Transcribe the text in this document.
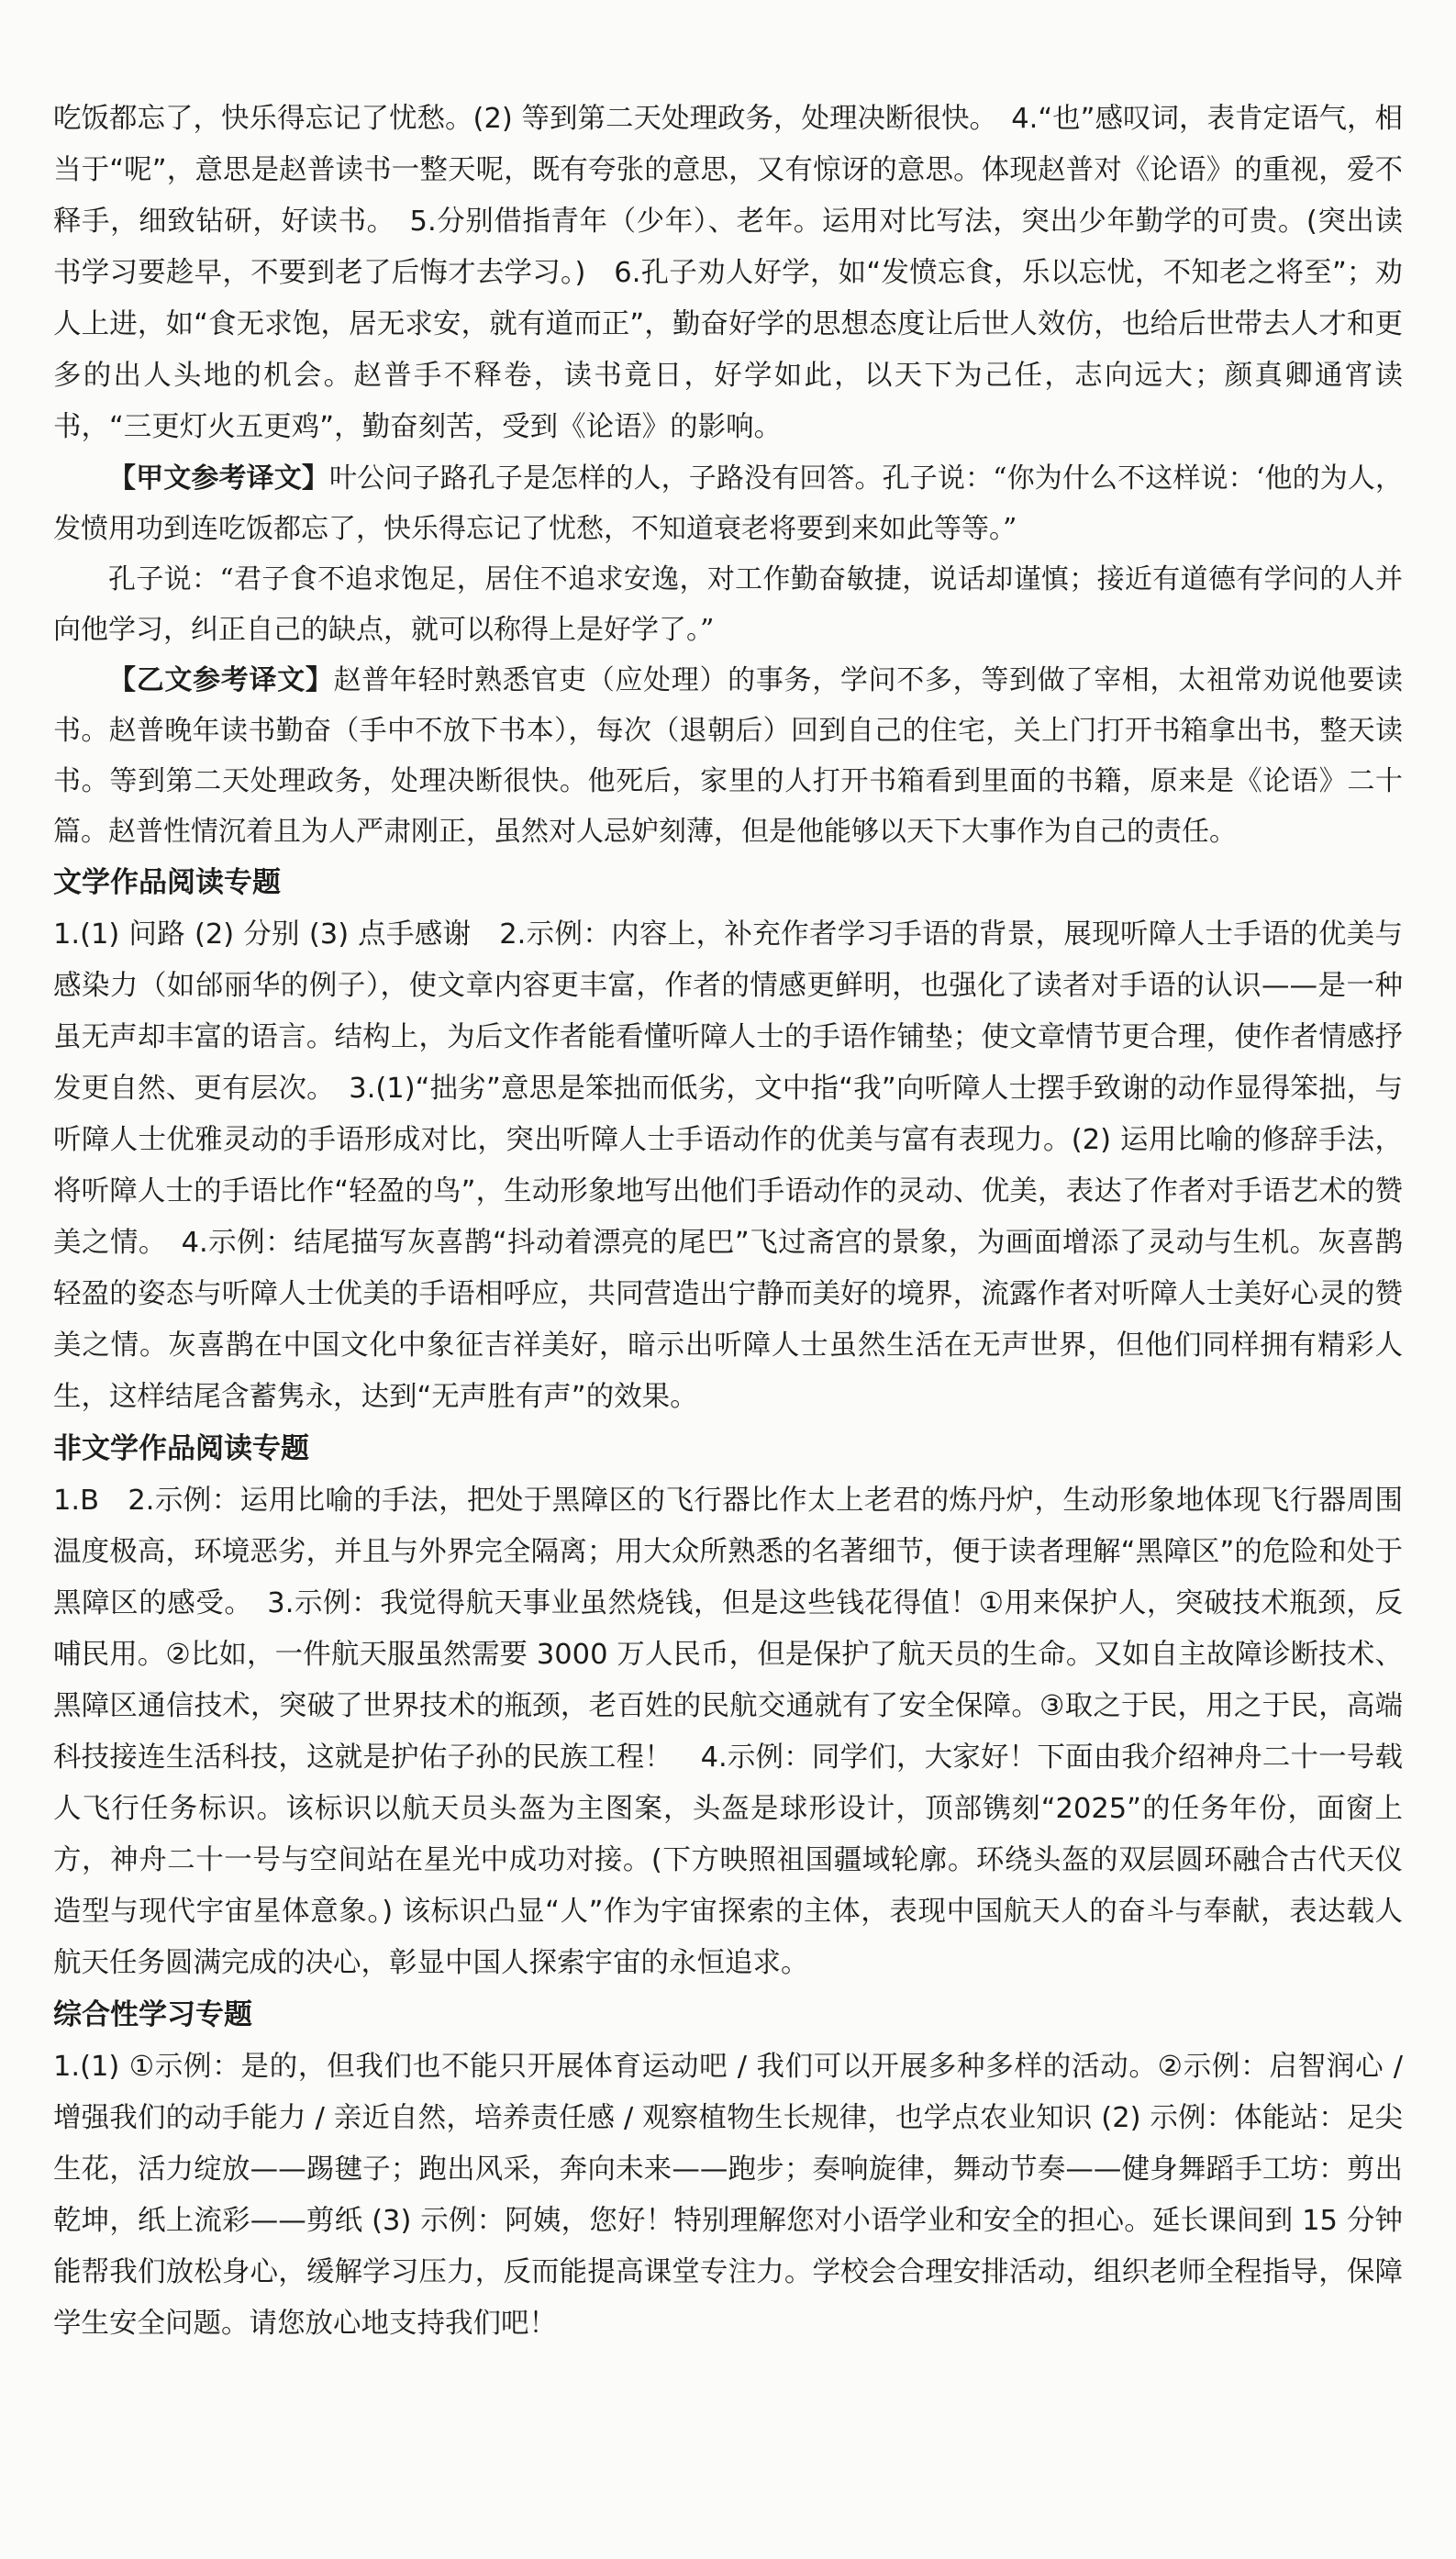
吃饭都忘了，快乐得忘记了忧愁。(2) 等到第二天处理政务，处理决断很快。　4.“也”感叹词，表肯定语气，相当于“呢”，意思是赵普读书一整天呢，既有夸张的意思，又有惊讶的意思。体现赵普对《论语》的重视，爱不释手，细致钻研，好读书。　5.分别借指青年（少年）、老年。运用对比写法，突出少年勤学的可贵。(突出读书学习要趁早，不要到老了后悔才去学习。)　6.孔子劝人好学，如“发愤忘食，乐以忘忧，不知老之将至”；劝人上进，如“食无求饱，居无求安，就有道而正”，勤奋好学的思想态度让后世人效仿，也给后世带去人才和更多的出人头地的机会。赵普手不释卷，读书竟日，好学如此，以天下为己任，志向远大；颜真卿通宵读书，“三更灯火五更鸡”，勤奋刻苦，受到《论语》的影响。

【甲文参考译文】叶公问子路孔子是怎样的人，子路没有回答。孔子说：“你为什么不这样说：‘他的为人，发愤用功到连吃饭都忘了，快乐得忘记了忧愁，不知道衰老将要到来如此等等。”

孔子说：“君子食不追求饱足，居住不追求安逸，对工作勤奋敏捷，说话却谨慎；接近有道德有学问的人并向他学习，纠正自己的缺点，就可以称得上是好学了。”

【乙文参考译文】赵普年轻时熟悉官吏（应处理）的事务，学问不多，等到做了宰相，太祖常劝说他要读书。赵普晚年读书勤奋（手中不放下书本），每次（退朝后）回到自己的住宅，关上门打开书箱拿出书，整天读书。等到第二天处理政务，处理决断很快。他死后，家里的人打开书箱看到里面的书籍，原来是《论语》二十篇。赵普性情沉着且为人严肃刚正，虽然对人忌妒刻薄，但是他能够以天下大事作为自己的责任。

文学作品阅读专题

1.(1) 问路 (2) 分别 (3) 点手感谢　2.示例：内容上，补充作者学习手语的背景，展现听障人士手语的优美与感染力（如邰丽华的例子），使文章内容更丰富，作者的情感更鲜明，也强化了读者对手语的认识——是一种虽无声却丰富的语言。结构上，为后文作者能看懂听障人士的手语作铺垫；使文章情节更合理，使作者情感抒发更自然、更有层次。　3.(1)“拙劣”意思是笨拙而低劣，文中指“我”向听障人士摆手致谢的动作显得笨拙，与听障人士优雅灵动的手语形成对比，突出听障人士手语动作的优美与富有表现力。(2) 运用比喻的修辞手法，将听障人士的手语比作“轻盈的鸟”，生动形象地写出他们手语动作的灵动、优美，表达了作者对手语艺术的赞美之情。　4.示例：结尾描写灰喜鹊“抖动着漂亮的尾巴”飞过斋宫的景象，为画面增添了灵动与生机。灰喜鹊轻盈的姿态与听障人士优美的手语相呼应，共同营造出宁静而美好的境界，流露作者对听障人士美好心灵的赞美之情。灰喜鹊在中国文化中象征吉祥美好，暗示出听障人士虽然生活在无声世界，但他们同样拥有精彩人生，这样结尾含蓄隽永，达到“无声胜有声”的效果。

非文学作品阅读专题

1.B　2.示例：运用比喻的手法，把处于黑障区的飞行器比作太上老君的炼丹炉，生动形象地体现飞行器周围温度极高，环境恶劣，并且与外界完全隔离；用大众所熟悉的名著细节，便于读者理解“黑障区”的危险和处于黑障区的感受。　3.示例：我觉得航天事业虽然烧钱，但是这些钱花得值！①用来保护人，突破技术瓶颈，反哺民用。②比如，一件航天服虽然需要 3000 万人民币，但是保护了航天员的生命。又如自主故障诊断技术、黑障区通信技术，突破了世界技术的瓶颈，老百姓的民航交通就有了安全保障。③取之于民，用之于民，高端科技接连生活科技，这就是护佑子孙的民族工程！　4.示例：同学们，大家好！下面由我介绍神舟二十一号载人飞行任务标识。该标识以航天员头盔为主图案，头盔是球形设计，顶部镌刻“2025”的任务年份，面窗上方，神舟二十一号与空间站在星光中成功对接。(下方映照祖国疆域轮廓。环绕头盔的双层圆环融合古代天仪造型与现代宇宙星体意象。) 该标识凸显“人”作为宇宙探索的主体，表现中国航天人的奋斗与奉献，表达载人航天任务圆满完成的决心，彰显中国人探索宇宙的永恒追求。

综合性学习专题

1.(1) ①示例：是的，但我们也不能只开展体育运动吧 / 我们可以开展多种多样的活动。②示例：启智润心 / 增强我们的动手能力 / 亲近自然，培养责任感 / 观察植物生长规律，也学点农业知识 (2) 示例：体能站：足尖生花，活力绽放——踢毽子；跑出风采，奔向未来——跑步；奏响旋律，舞动节奏——健身舞蹈手工坊：剪出乾坤，纸上流彩——剪纸 (3) 示例：阿姨，您好！特别理解您对小语学业和安全的担心。延长课间到 15 分钟能帮我们放松身心，缓解学习压力，反而能提高课堂专注力。学校会合理安排活动，组织老师全程指导，保障学生安全问题。请您放心地支持我们吧！
